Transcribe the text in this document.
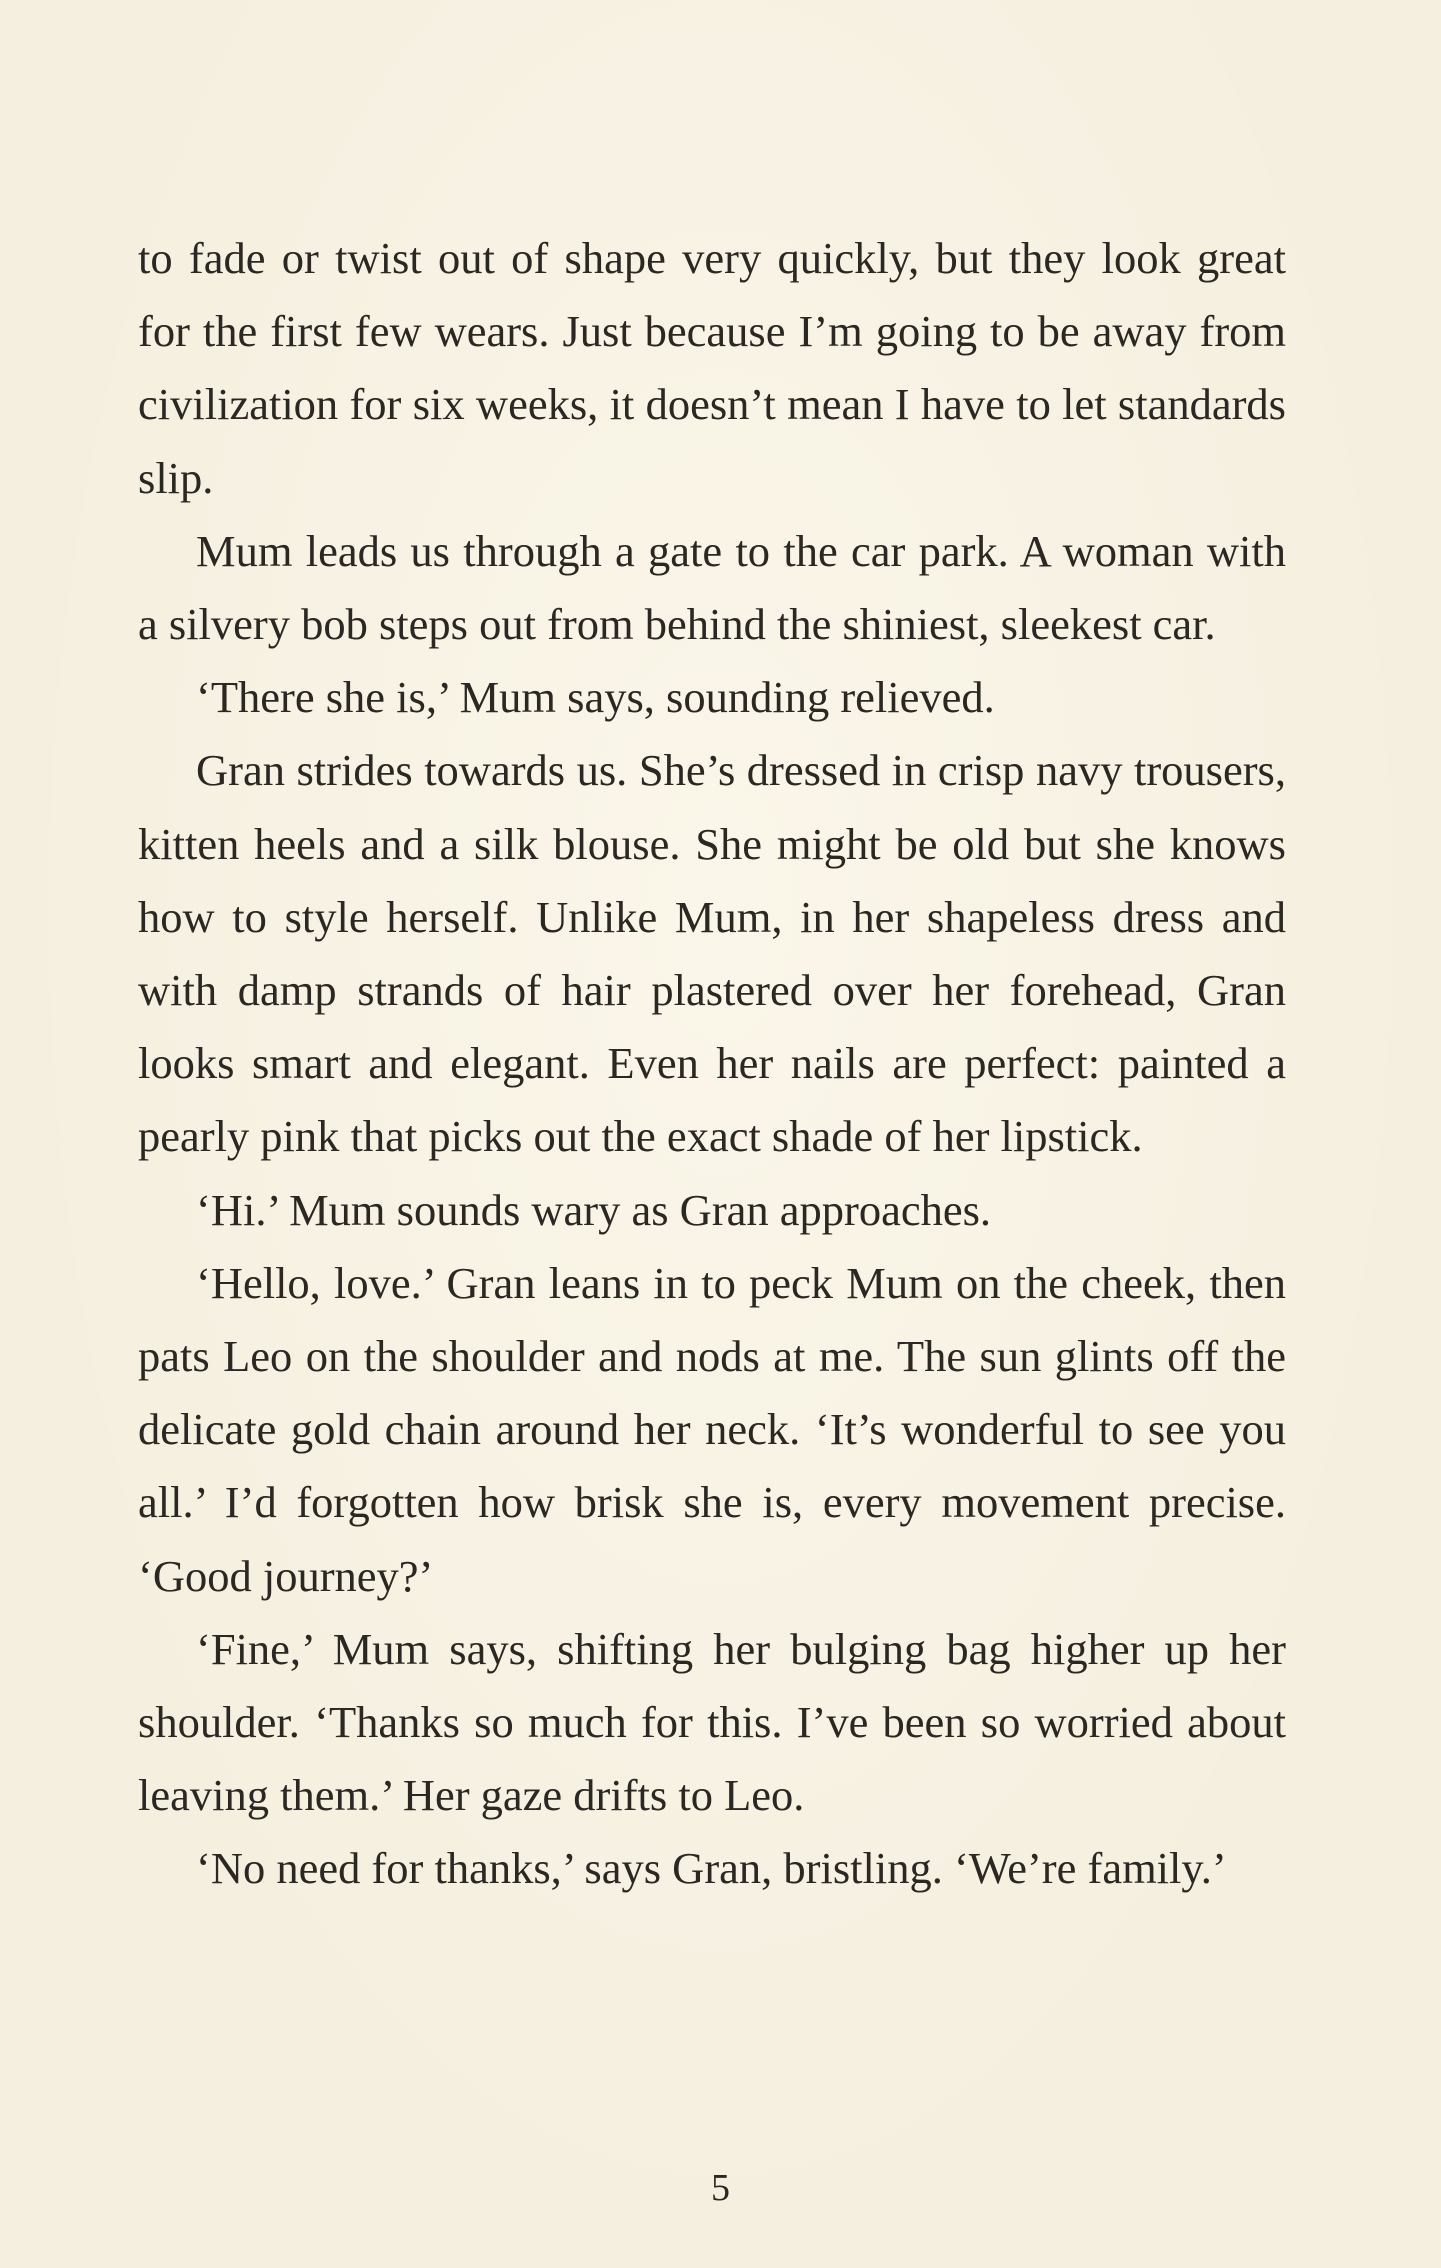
to fade or twist out of shape very quickly, but they look great for the first few wears. Just because I’m going to be away from civilization for six weeks, it doesn’t mean I have to let standards slip.

Mum leads us through a gate to the car park. A woman with a silvery bob steps out from behind the shiniest, sleekest car.

‘There she is,’ Mum says, sounding relieved.

Gran strides towards us. She’s dressed in crisp navy trousers, kitten heels and a silk blouse. She might be old but she knows how to style herself. Unlike Mum, in her shapeless dress and with damp strands of hair plastered over her forehead, Gran looks smart and elegant. Even her nails are perfect: painted a pearly pink that picks out the exact shade of her lipstick.

‘Hi.’ Mum sounds wary as Gran approaches.

‘Hello, love.’ Gran leans in to peck Mum on the cheek, then pats Leo on the shoulder and nods at me. The sun glints off the delicate gold chain around her neck. ‘It’s wonderful to see you all.’ I’d forgotten how brisk she is, every movement precise. ‘Good journey?’

‘Fine,’ Mum says, shifting her bulging bag higher up her shoulder. ‘Thanks so much for this. I’ve been so worried about leaving them.’ Her gaze drifts to Leo.

‘No need for thanks,’ says Gran, bristling. ‘We’re family.’

5
